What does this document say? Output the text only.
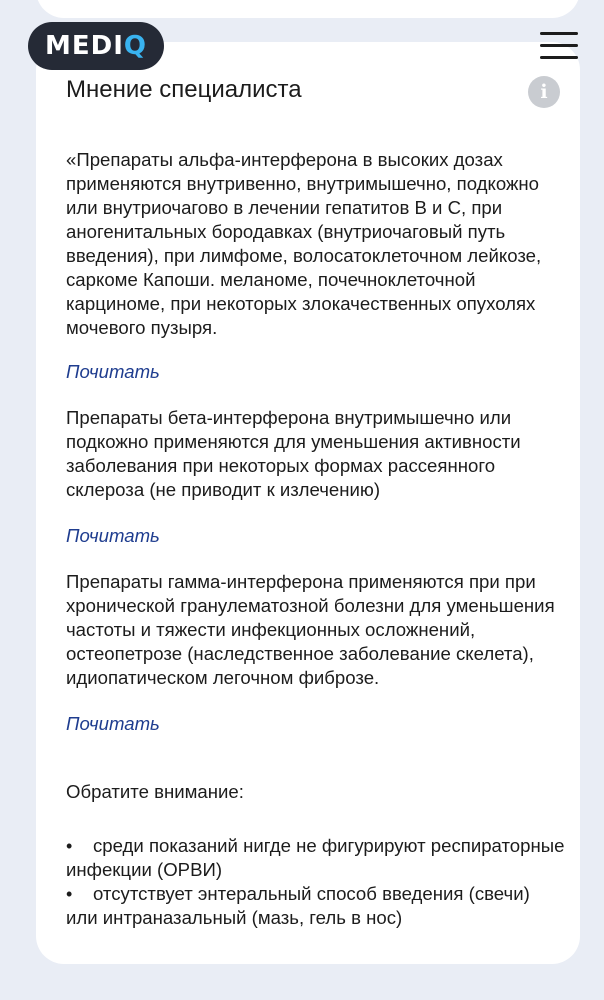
MEDIQ
Мнение специалиста	i

«Препараты альфа-интерферона в высоких дозах применяются внутривенно, внутримышечно, подкожно или внутриочагово в лечении гепатитов В и С, при аногенитальных бородавках (внутриочаговый путь введения), при лимфоме, волосатоклеточном лейкозе, саркоме Капоши. меланоме, почечноклеточной карциноме, при некоторых злокачественных опухолях мочевого пузыря.

Почитать

Препараты бета-интерферона внутримышечно или подкожно применяются для уменьшения активности заболевания при некоторых формах рассеянного склероза (не приводит к излечению)

Почитать

Препараты гамма-интерферона применяются при при хронической гранулематозной болезни для уменьшения частоты и тяжести инфекционных осложнений, остеопетрозе (наследственное заболевание скелета), идиопатическом легочном фиброзе.

Почитать

Обратите внимание:

• среди показаний нигде не фигурируют респираторные инфекции (ОРВИ)
• отсутствует энтеральный способ введения (свечи) или интраназальный (мазь, гель в нос)
